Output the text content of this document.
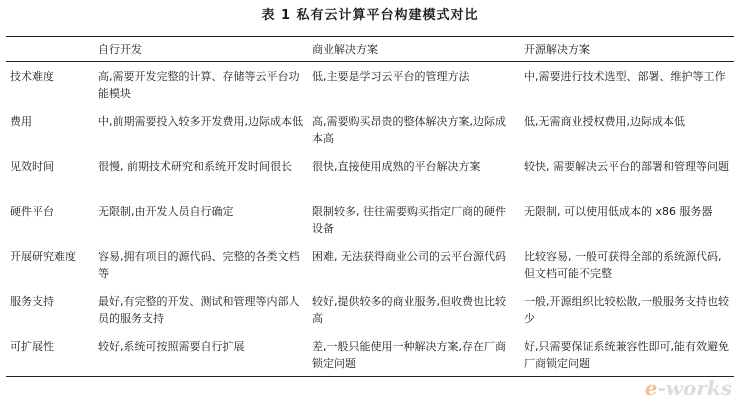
表 1 私有云计算平台构建模式对比
	自行开发	商业解决方案	开源解决方案
技术难度	高,需要开发完整的计算、存储等云平台功能模块	低,主要是学习云平台的管理方法	中,需要进行技术选型、部署、维护等工作
费用	中,前期需要投入较多开发费用,边际成本低	高,需要购买昂贵的整体解决方案,边际成本高	低,无需商业授权费用,边际成本低
见效时间	很慢, 前期技术研究和系统开发时间很长	很快,直接使用成熟的平台解决方案	较快, 需要解决云平台的部署和管理等问题
硬件平台	无限制,由开发人员自行确定	限制较多, 往往需要购买指定厂商的硬件设备	无限制, 可以使用低成本的 x86 服务器
开展研究难度	容易,拥有项目的源代码、完整的各类文档等	困难, 无法获得商业公司的云平台源代码	比较容易, 一般可获得全部的系统源代码,但文档可能不完整
服务支持	最好,有完整的开发、测试和管理等内部人员的服务支持	较好,提供较多的商业服务,但收费也比较高	一般,开源组织比较松散,一般服务支持也较少
可扩展性	较好,系统可按照需要自行扩展	差,一般只能使用一种解决方案,存在厂商锁定问题	好,只需要保证系统兼容性即可,能有效避免厂商锁定问题
e-works
